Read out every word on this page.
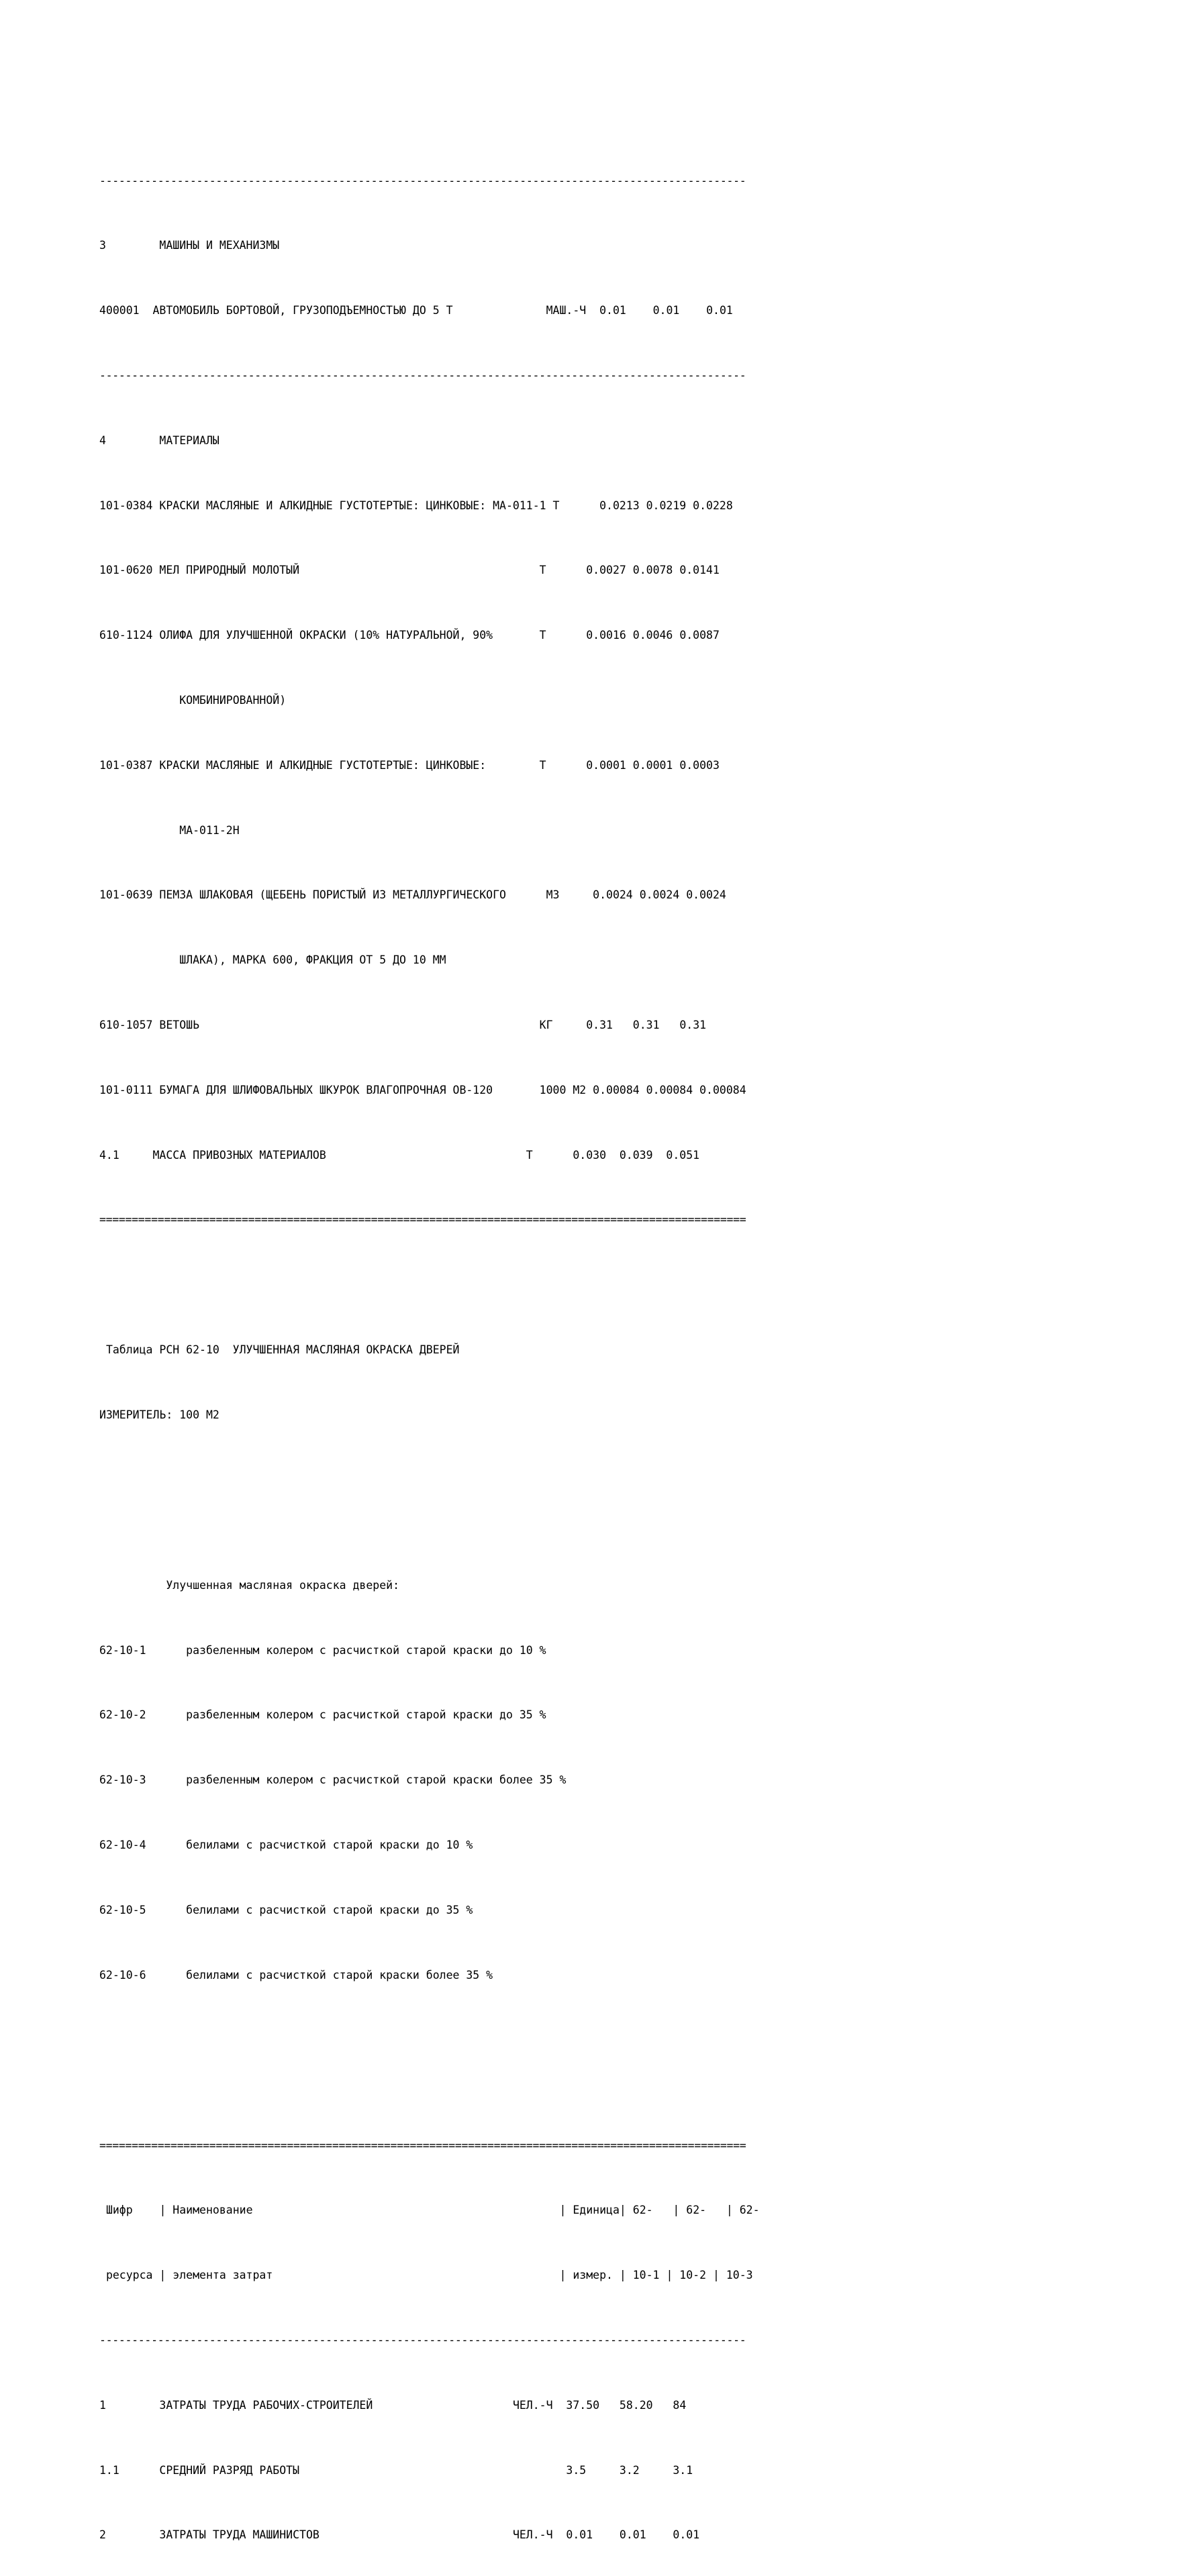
----------------------------------------------------------------------------------------------------

3	МАШИНЫ И МЕХАНИЗМЫ

400001 АВТОМОБИЛЬ БОРТОВОЙ, ГРУЗОПОДЪЕМНОСТЬЮ ДО 5 Т	МАШ.-Ч 0.01 0.01 0.01

----------------------------------------------------------------------------------------------------

4	МАТЕРИАЛЫ

101-0384 КРАСКИ МАСЛЯНЫЕ И АЛКИДНЫЕ ГУСТОТЕРТЫЕ: ЦИНКОВЫЕ: МА-011-1 Т	0.0213 0.0219 0.0228

101-0620 МЕЛ ПРИРОДНЫЙ МОЛОТЫЙ	Т	0.0027 0.0078 0.0141

610-1124 ОЛИФА ДЛЯ УЛУЧШЕННОЙ ОКРАСКИ (10% НАТУРАЛЬНОЙ, 90%	Т	0.0016 0.0046 0.0087

КОМБИНИРОВАННОЙ)

101-0387 КРАСКИ МАСЛЯНЫЕ И АЛКИДНЫЕ ГУСТОТЕРТЫЕ: ЦИНКОВЫЕ:	Т	0.0001 0.0001 0.0003

МА-011-2Н

101-0639 ПЕМЗА ШЛАКОВАЯ (ЩЕБЕНЬ ПОРИСТЫЙ ИЗ МЕТАЛЛУРГИЧЕСКОГО	М3	0.0024 0.0024 0.0024

ШЛАКА), МАРКА 600, ФРАКЦИЯ ОТ 5 ДО 10 ММ

610-1057 ВЕТОШЬ	КГ	0.31 0.31 0.31

101-0111 БУМАГА ДЛЯ ШЛИФОВАЛЬНЫХ ШКУРОК ВЛАГОПРОЧНАЯ ОВ-120	1000 М2 0.00084 0.00084 0.00084

4.1	МАССА ПРИВОЗНЫХ МАТЕРИАЛОВ	Т	0.030 0.039 0.051

====================================================================================================

Таблица РСН 62-10  УЛУЧШЕННАЯ МАСЛЯНАЯ ОКРАСКА ДВЕРЕЙ

ИЗМЕРИТЕЛЬ: 100 М2

Улучшенная масляная окраска дверей:

62-10-1	разбеленным колером с расчисткой старой краски до 10 %

62-10-2	разбеленным колером с расчисткой старой краски до 35 %

62-10-3	разбеленным колером с расчисткой старой краски более 35 %

62-10-4	белилами с расчисткой старой краски до 10 %

62-10-5	белилами с расчисткой старой краски до 35 %

62-10-6	белилами с расчисткой старой краски более 35 %

====================================================================================================

Шифр | Наименование	| Единица| 62- | 62- | 62-

ресурса | элемента затрат	| измер. | 10-1 | 10-2 | 10-3

----------------------------------------------------------------------------------------------------

1	ЗАТРАТЫ ТРУДА РАБОЧИХ-СТРОИТЕЛЕЙ	ЧЕЛ.-Ч 37.50 58.20 84

1.1	СРЕДНИЙ РАЗРЯД РАБОТЫ	3.5	3.2	3.1

2	ЗАТРАТЫ ТРУДА МАШИНИСТОВ	ЧЕЛ.-Ч 0.01 0.01 0.01
